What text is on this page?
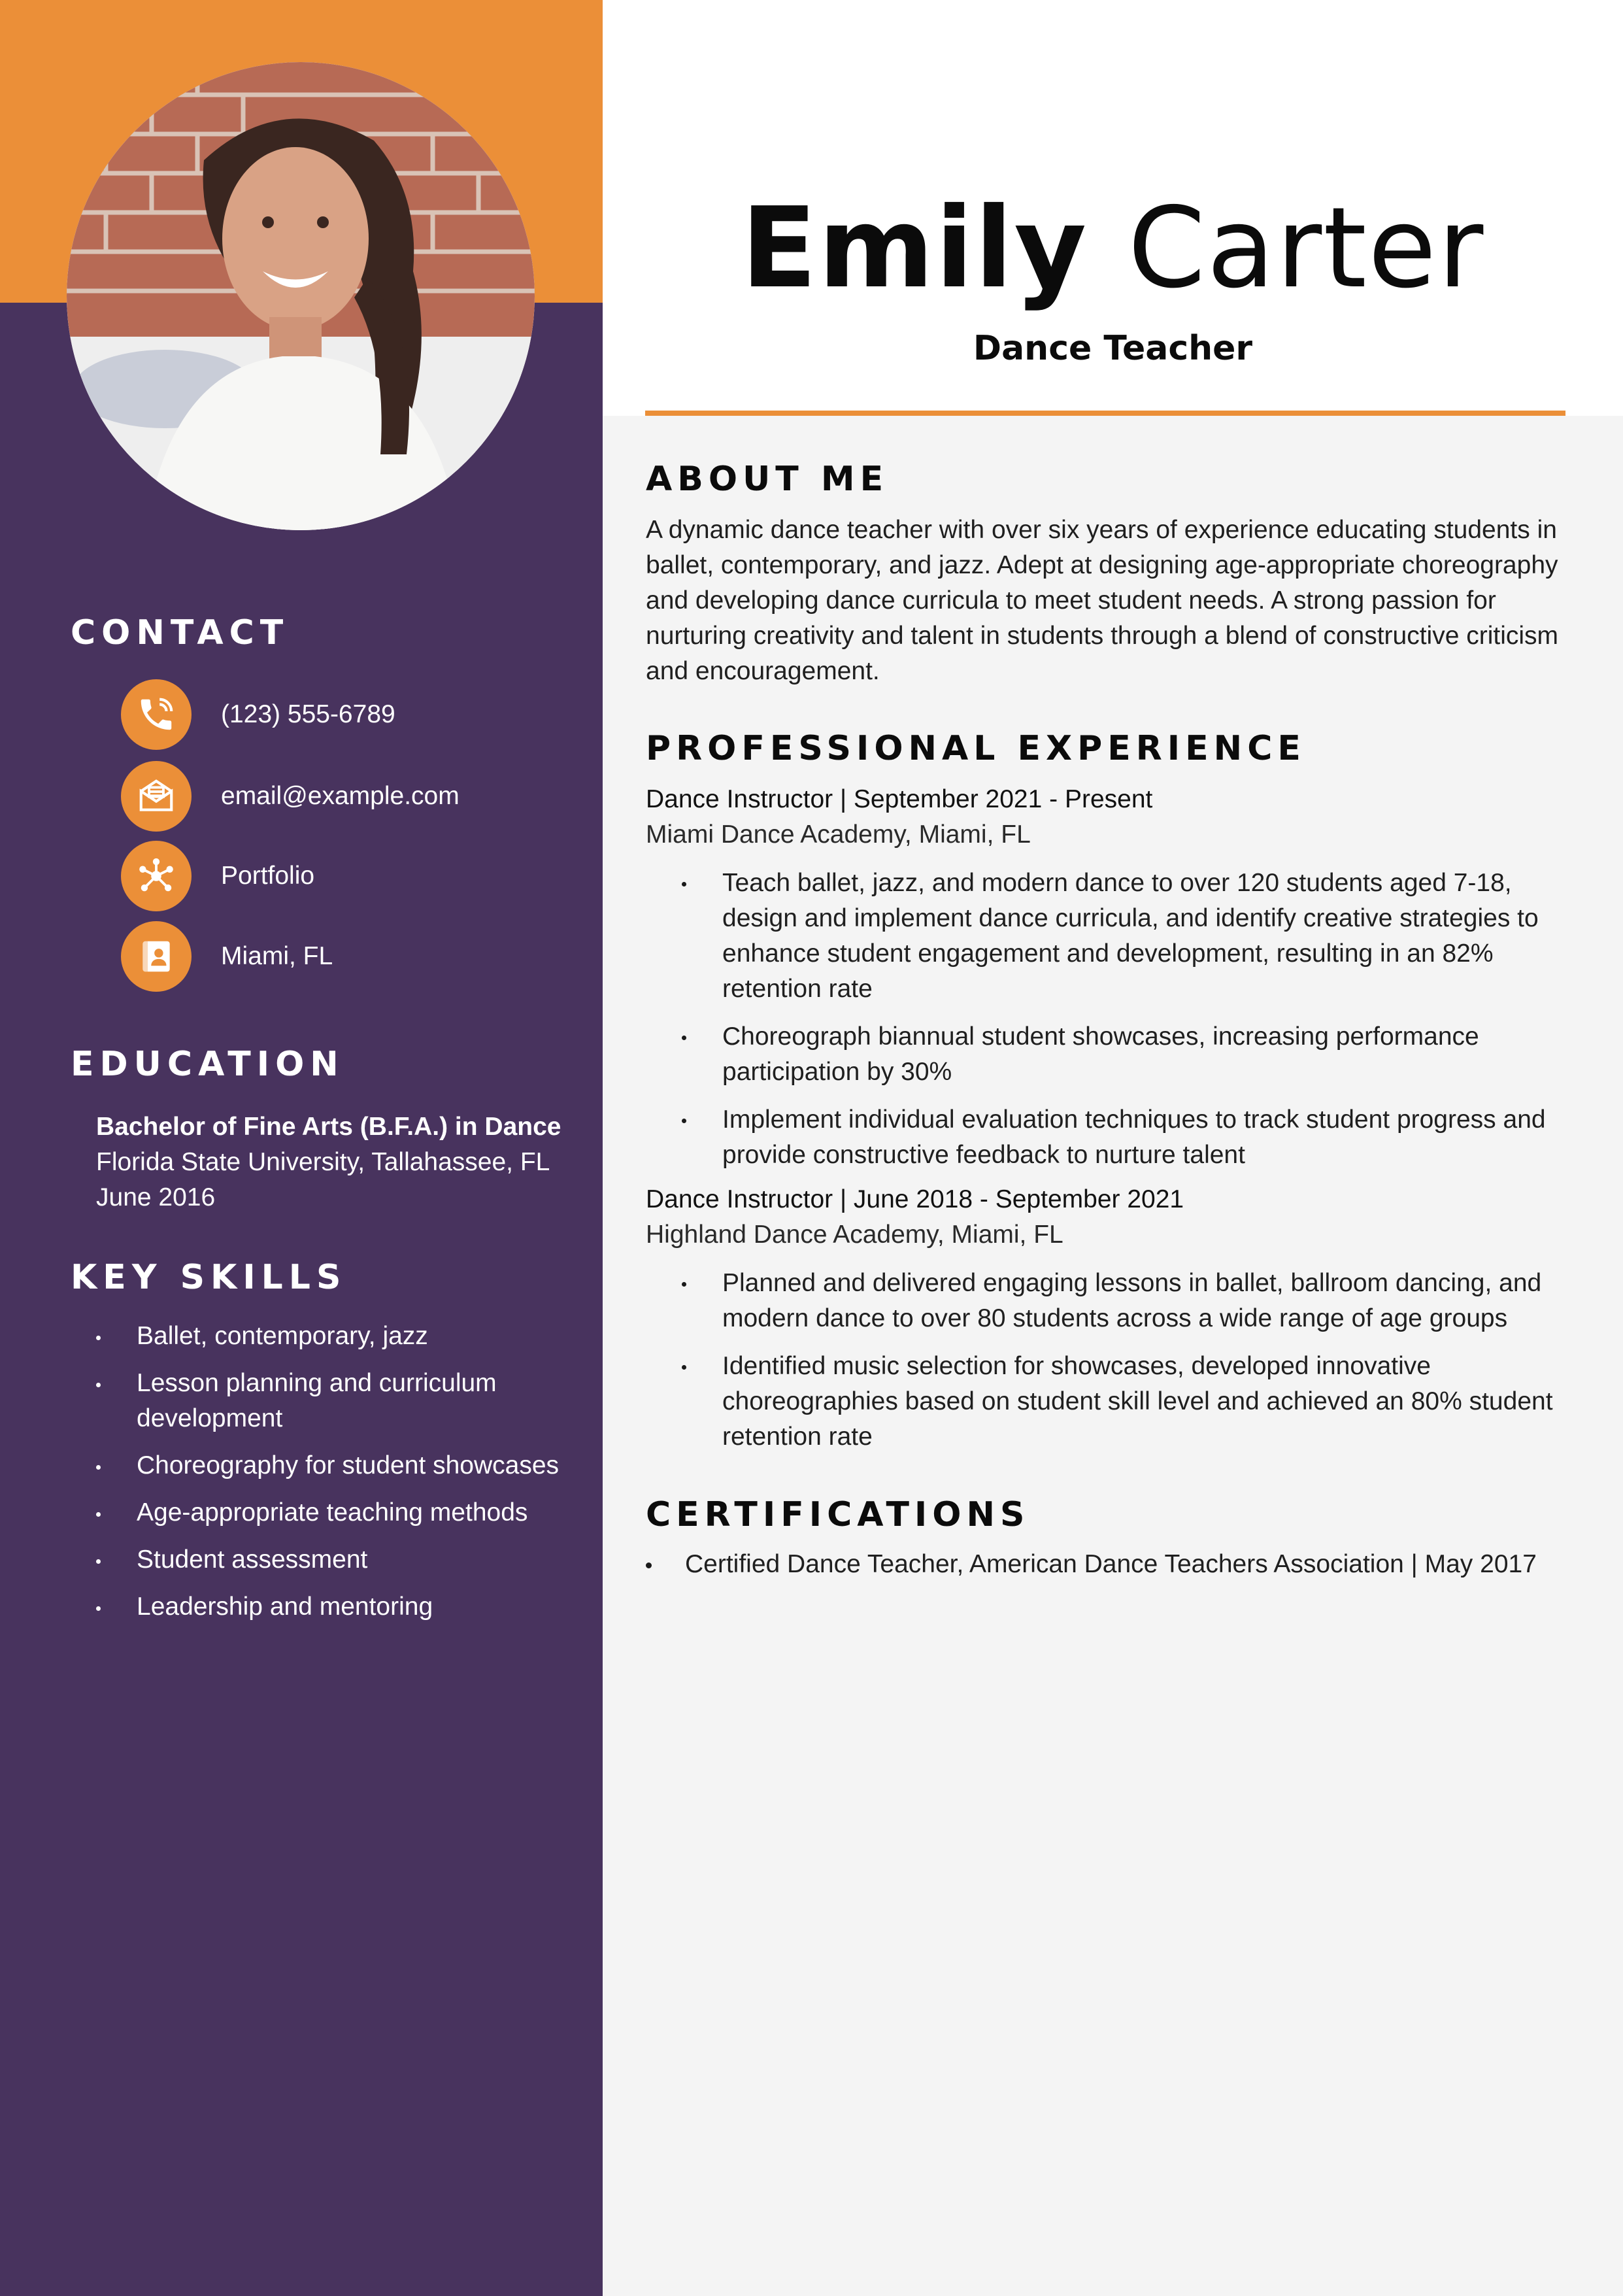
CONTACT
(123) 555-6789
email@example.com
Portfolio
Miami, FL
EDUCATION
Bachelor of Fine Arts (B.F.A.) in Dance
Florida State University, Tallahassee, FL
June 2016
KEY SKILLS
Ballet, contemporary, jazz
Lesson planning and curriculum development
Choreography for student showcases
Age-appropriate teaching methods
Student assessment
Leadership and mentoring
Emily Carter
Dance Teacher
ABOUT ME

A dynamic dance teacher with over six years of experience educating students in ballet, contemporary, and jazz. Adept at designing age-appropriate choreography and developing dance curricula to meet student needs. A strong passion for nurturing creativity and talent in students through a blend of constructive criticism and encouragement.

PROFESSIONAL EXPERIENCE
Dance Instructor | September 2021 - Present
Miami Dance Academy, Miami, FL
Teach ballet, jazz, and modern dance to over 120 students aged 7-18, design and implement dance curricula, and identify creative strategies to enhance student engagement and development, resulting in an 82% retention rate
Choreograph biannual student showcases, increasing performance participation by 30%
Implement individual evaluation techniques to track student progress and provide constructive feedback to nurture talent
Dance Instructor | June 2018 - September 2021
Highland Dance Academy, Miami, FL
Planned and delivered engaging lessons in ballet, ballroom dancing, and modern dance to over 80 students across a wide range of age groups
Identified music selection for showcases, developed innovative choreographies based on student skill level and achieved an 80% student retention rate
CERTIFICATIONS
Certified Dance Teacher, American Dance Teachers Association | May 2017
